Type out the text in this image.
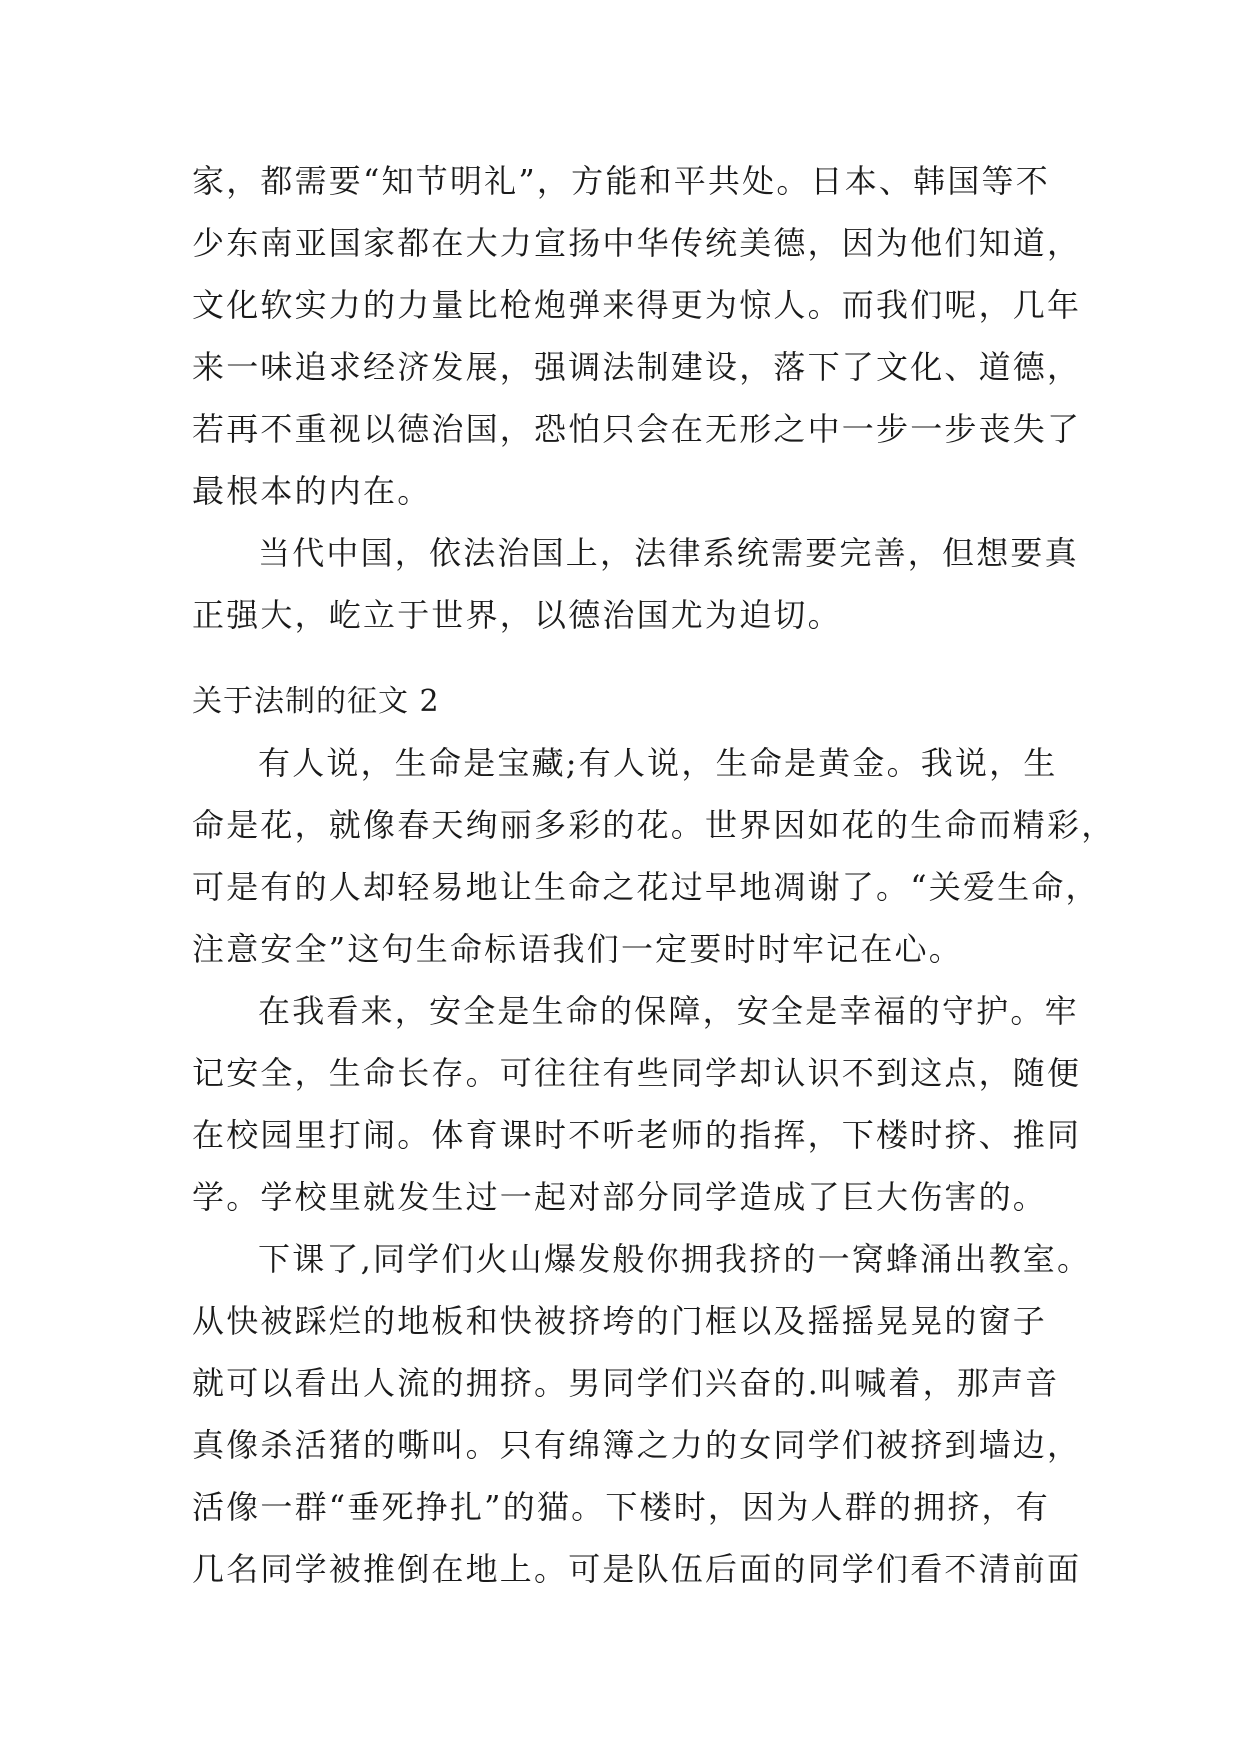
家，都需要“知节明礼”，方能和平共处。日本、韩国等不
少东南亚国家都在大力宣扬中华传统美德，因为他们知道，
文化软实力的力量比枪炮弹来得更为惊人。而我们呢，几年
来一味追求经济发展，强调法制建设，落下了文化、道德，
若再不重视以德治国，恐怕只会在无形之中一步一步丧失了
最根本的内在。
当代中国，依法治国上，法律系统需要完善，但想要真
正强大，屹立于世界，以德治国尤为迫切。
关于法制的征文 2
有人说，生命是宝藏;有人说，生命是黄金。我说，生
命是花，就像春天绚丽多彩的花。世界因如花的生命而精彩，
可是有的人却轻易地让生命之花过早地凋谢了。“关爱生命，
注意安全”这句生命标语我们一定要时时牢记在心。
在我看来，安全是生命的保障，安全是幸福的守护。牢
记安全，生命长存。可往往有些同学却认识不到这点，随便
在校园里打闹。体育课时不听老师的指挥，下楼时挤、推同
学。学校里就发生过一起对部分同学造成了巨大伤害的。
下课了,同学们火山爆发般你拥我挤的一窝蜂涌出教室。
从快被踩烂的地板和快被挤垮的门框以及摇摇晃晃的窗子
就可以看出人流的拥挤。男同学们兴奋的.叫喊着，那声音
真像杀活猪的嘶叫。只有绵簿之力的女同学们被挤到墙边，
活像一群“垂死挣扎”的猫。下楼时，因为人群的拥挤，有
几名同学被推倒在地上。可是队伍后面的同学们看不清前面
